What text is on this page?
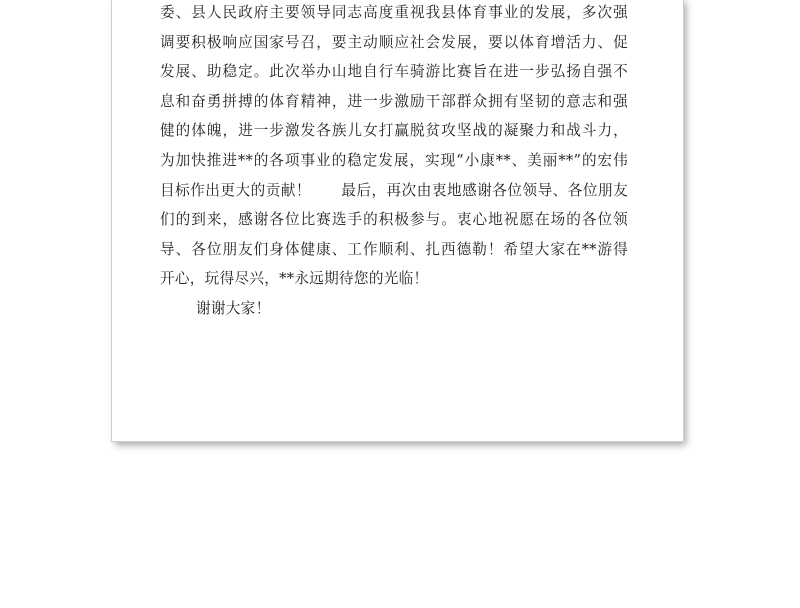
委、县人民政府主要领导同志高度重视我县体育事业的发展，多次强
调要积极响应国家号召，要主动顺应社会发展，要以体育增活力、促
发展、助稳定。此次举办山地自行车骑游比赛旨在进一步弘扬自强不
息和奋勇拼搏的体育精神，进一步激励干部群众拥有坚韧的意志和强
健的体魄，进一步激发各族儿女打赢脱贫攻坚战的凝聚力和战斗力，
为加快推进**的各项事业的稳定发展，实现“小康**、美丽**”的宏伟
目标作出更大的贡献！　　最后，再次由衷地感谢各位领导、各位朋友
们的到来，感谢各位比赛选手的积极参与。衷心地祝愿在场的各位领
导、各位朋友们身体健康、工作顺利、扎西德勒！希望大家在**游得
开心，玩得尽兴，**永远期待您的光临！
谢谢大家！
